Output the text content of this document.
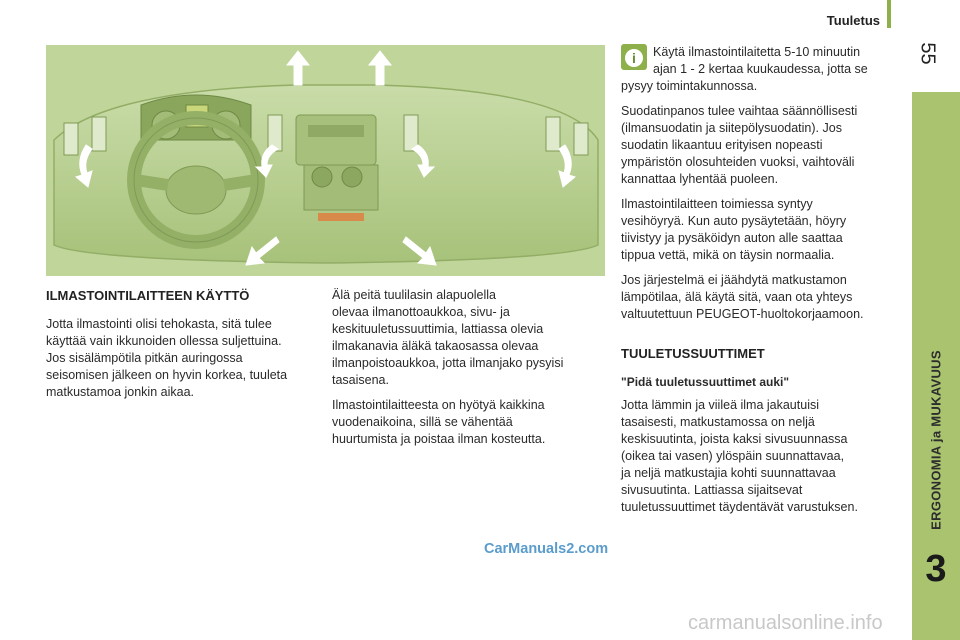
Tuuletus
55
ERGONOMIA ja MUKAVUUS
3
ILMASTOINTILAITTEEN KÄYTTÖ
Jotta ilmastointi olisi tehokasta, sitä tulee
käyttää vain ikkunoiden ollessa suljettuina.
Jos sisälämpötila pitkän auringossa
seisomisen jälkeen on hyvin korkea, tuuleta
matkustamoa jonkin aikaa.

Älä peitä tuulilasin alapuolella
olevaa ilmanottoaukkoa, sivu- ja
keskituuletussuuttimia, lattiassa olevia
ilmakanavia äläkä takaosassa olevaa
ilmanpoistoaukkoa, jotta ilmanjako pysyisi
tasaisena.

Ilmastointilaitteesta on hyötyä kaikkina
vuodenaikoina, sillä se vähentää
huurtumista ja poistaa ilman kosteutta.

i	Käytä ilmastointilaitetta 5-10 minuutin
ajan 1 - 2 kertaa kuukaudessa, jotta se
pysyy toimintakunnossa.

Suodatinpanos tulee vaihtaa säännöllisesti
(ilmansuodatin ja siitepölysuodatin). Jos
suodatin likaantuu erityisen nopeasti
ympäristön olosuhteiden vuoksi, vaihtoväli
kannattaa lyhentää puoleen.

Ilmastointilaitteen toimiessa syntyy
vesihöyryä. Kun auto pysäytetään, höyry
tiivistyy ja pysäköidyn auton alle saattaa
tippua vettä, mikä on täysin normaalia.

Jos järjestelmä ei jäähdytä matkustamon
lämpötilaa, älä käytä sitä, vaan ota yhteys
valtuutettuun PEUGEOT-huoltokorjaamoon.

TUULETUSSUUTTIMET
"Pidä tuuletussuuttimet auki"
Jotta lämmin ja viileä ilma jakautuisi
tasaisesti, matkustamossa on neljä
keskisuutinta, joista kaksi sivusuunnassa
(oikea tai vasen) ylöspäin suunnattavaa,
ja neljä matkustajia kohti suunnattavaa
sivusuutinta. Lattiassa sijaitsevat
tuuletussuuttimet täydentävät varustuksen.
CarManuals2.com
carmanualsonline.info
